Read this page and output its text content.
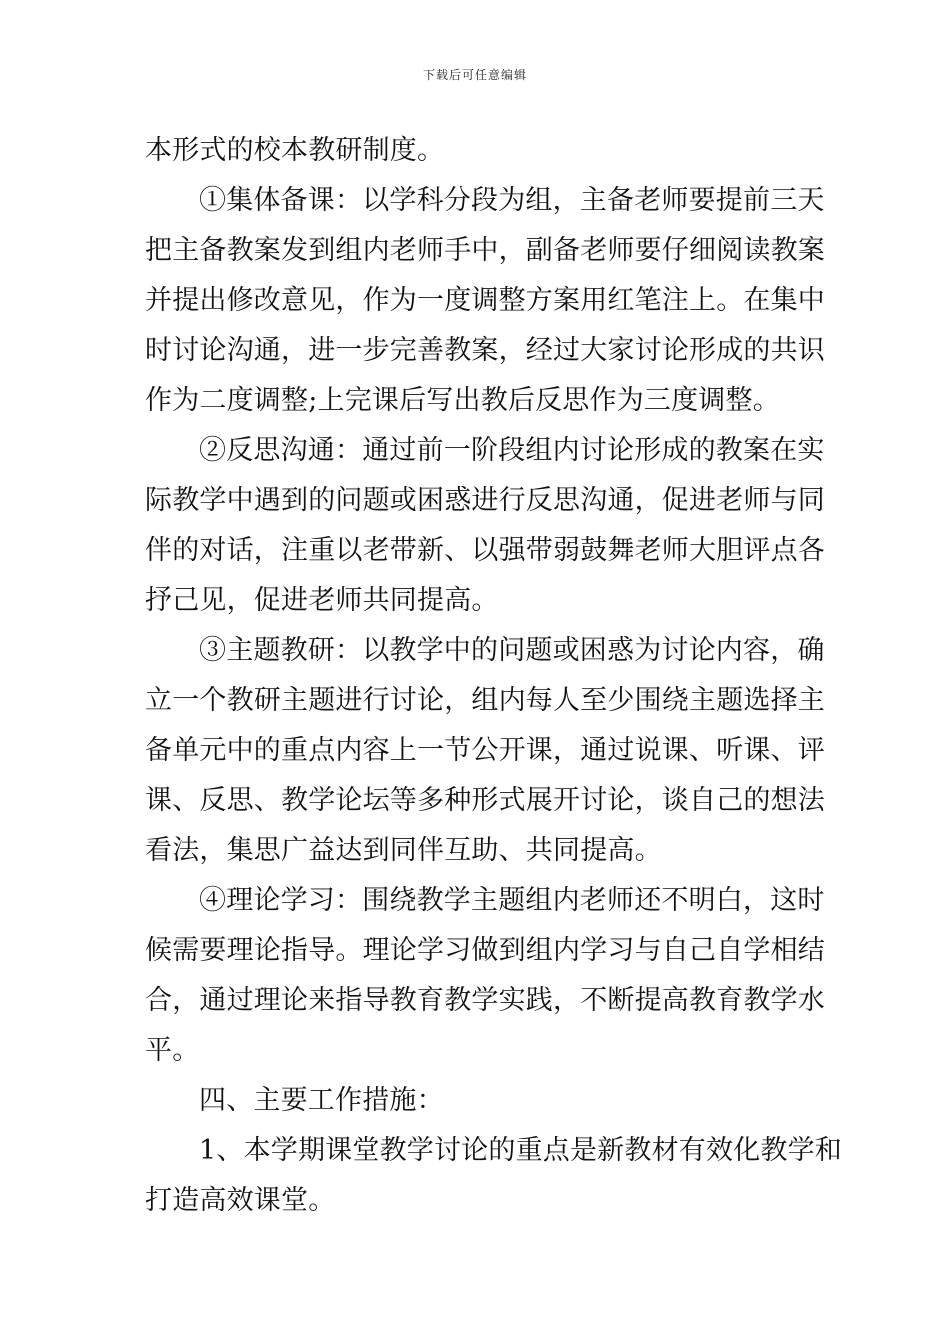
下载后可任意编辑
本形式的校本教研制度。
①集体备课：以学科分段为组，主备老师要提前三天
把主备教案发到组内老师手中，副备老师要仔细阅读教案
并提出修改意见，作为一度调整方案用红笔注上。在集中
时讨论沟通，进一步完善教案，经过大家讨论形成的共识
作为二度调整;上完课后写出教后反思作为三度调整。
②反思沟通：通过前一阶段组内讨论形成的教案在实
际教学中遇到的问题或困惑进行反思沟通，促进老师与同
伴的对话，注重以老带新、以强带弱鼓舞老师大胆评点各
抒己见，促进老师共同提高。
③主题教研：以教学中的问题或困惑为讨论内容，确
立一个教研主题进行讨论，组内每人至少围绕主题选择主
备单元中的重点内容上一节公开课，通过说课、听课、评
课、反思、教学论坛等多种形式展开讨论，谈自己的想法
看法，集思广益达到同伴互助、共同提高。
④理论学习：围绕教学主题组内老师还不明白，这时
候需要理论指导。理论学习做到组内学习与自己自学相结
合，通过理论来指导教育教学实践，不断提高教育教学水
平。
四、主要工作措施：
1、本学期课堂教学讨论的重点是新教材有效化教学和
打造高效课堂。
